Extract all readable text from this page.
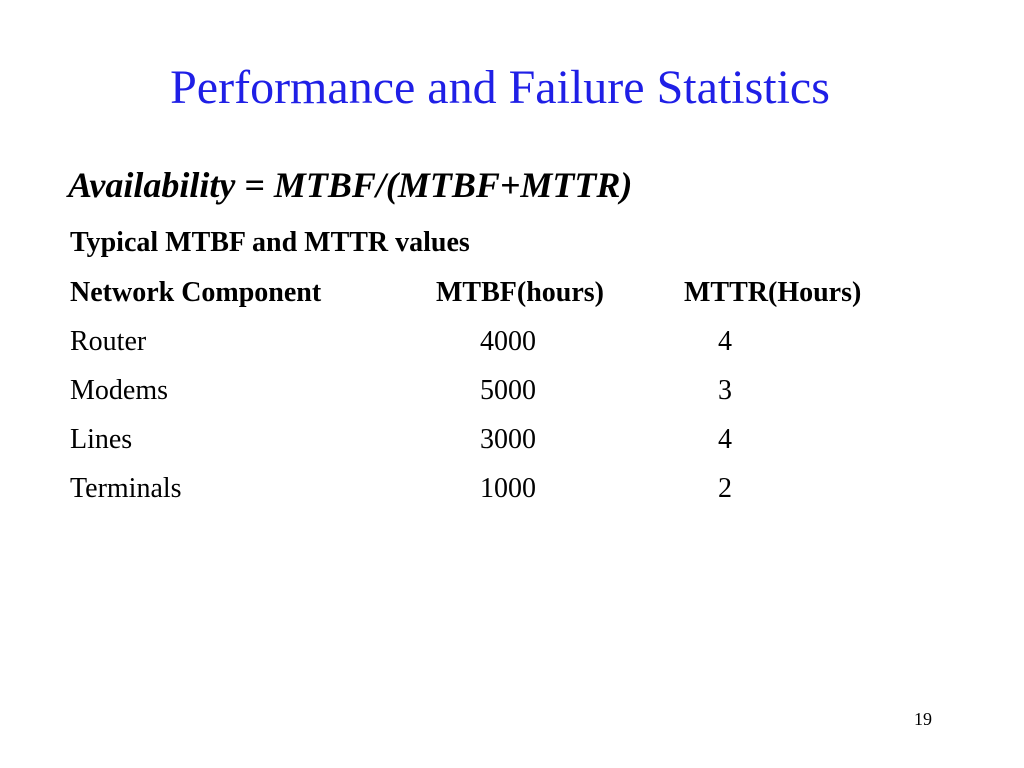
Performance and Failure Statistics
Availability = MTBF/(MTBF+MTTR)
Typical MTBF and MTTR values
Network Component	MTBF(hours)	MTTR(Hours)
Router	4000	4
Modems	5000	3
Lines	3000	4
Terminals	1000	2
19
